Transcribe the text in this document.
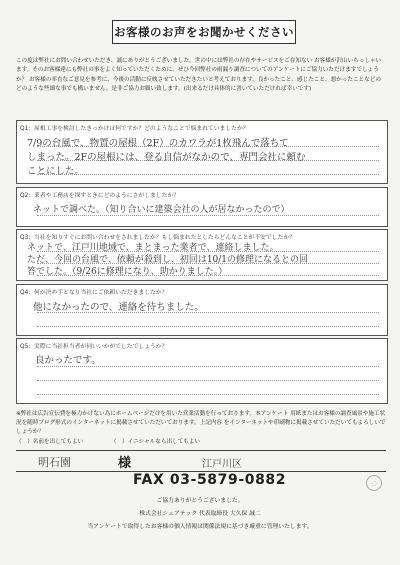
お客様のお声をお聞かせください
この度は弊社にお問い合わせいただき、誠にありがとうございました。世の中には弊社の存在やサービスをご存知ない お客様が沢山いらっしゃいます。そのお客様達にも弊社の事をよく知っていただくために、ぜひ今回弊社の雨漏り調査についてのアンケートにご協力いただけますでしょうか？ お客様の率直なご意見を参考に、今後の活動に反映させていただきたいと考えております。良かったこと、感じたこと、悪かったことなどのどのような些細な事でも構いません。是非ご協力お願い致します。(出来るだけ具体的に書いていただければ幸いです)
Q1：屋根工事を検討したきっかけは何ですか？どのようなことで悩まれていましたか？
7/9の台風で、物置の屋根（2F）のカワラが1枚飛んで落ちて
しまった。2Fの屋根には、登る自信がなかので、専門会社に頼む
ことにした。
Q2：業者や工務店を探すときにどのようにさがしましたか？
ネットで調べた。（知り合いに建築会社の人が居なかったので）
Q3：当社を知りすぐにお問い合わせをされましたか？もし悩まれたとしたらどんなことが不安でしたか？
ネットで、江戸川地域で、まとまった業者で、連絡しました。
ただ、今回の台風で、依頼が殺到し、初回は10/1の修理になるとの回
答でした。（9/26に修理になり、助かりました。）
Q4：何が決め手となり当社にご依頼いただきましたか？
他になかったので、連絡を待ちました。
Q5：実際に当社担当者が伺いいかがでしたでしょうか？
良かったです。
※弊社は広告宣伝費を極力かけない為にホームページだけを用いた営業活動を行っております。本アンケート 用紙またはお客様の調査風景や施工状況を随時ブログ形式のインターネットに掲載させていただいております。上記内容 をインターネットや印刷物に掲載させていただいてもよろしいでしょうか？
（　）名前を出してもよい	（　）イニシャルなら出してもよい
明石園	様	江戸川区
FAX 03-5879-0882	◌
ご協力ありがとうございました。
株式会社シェアテック 代表取締役 大久保 誠二
当アンケートで取得したお客様の個人情報は関係法規に基づき厳重に管理いたします。
